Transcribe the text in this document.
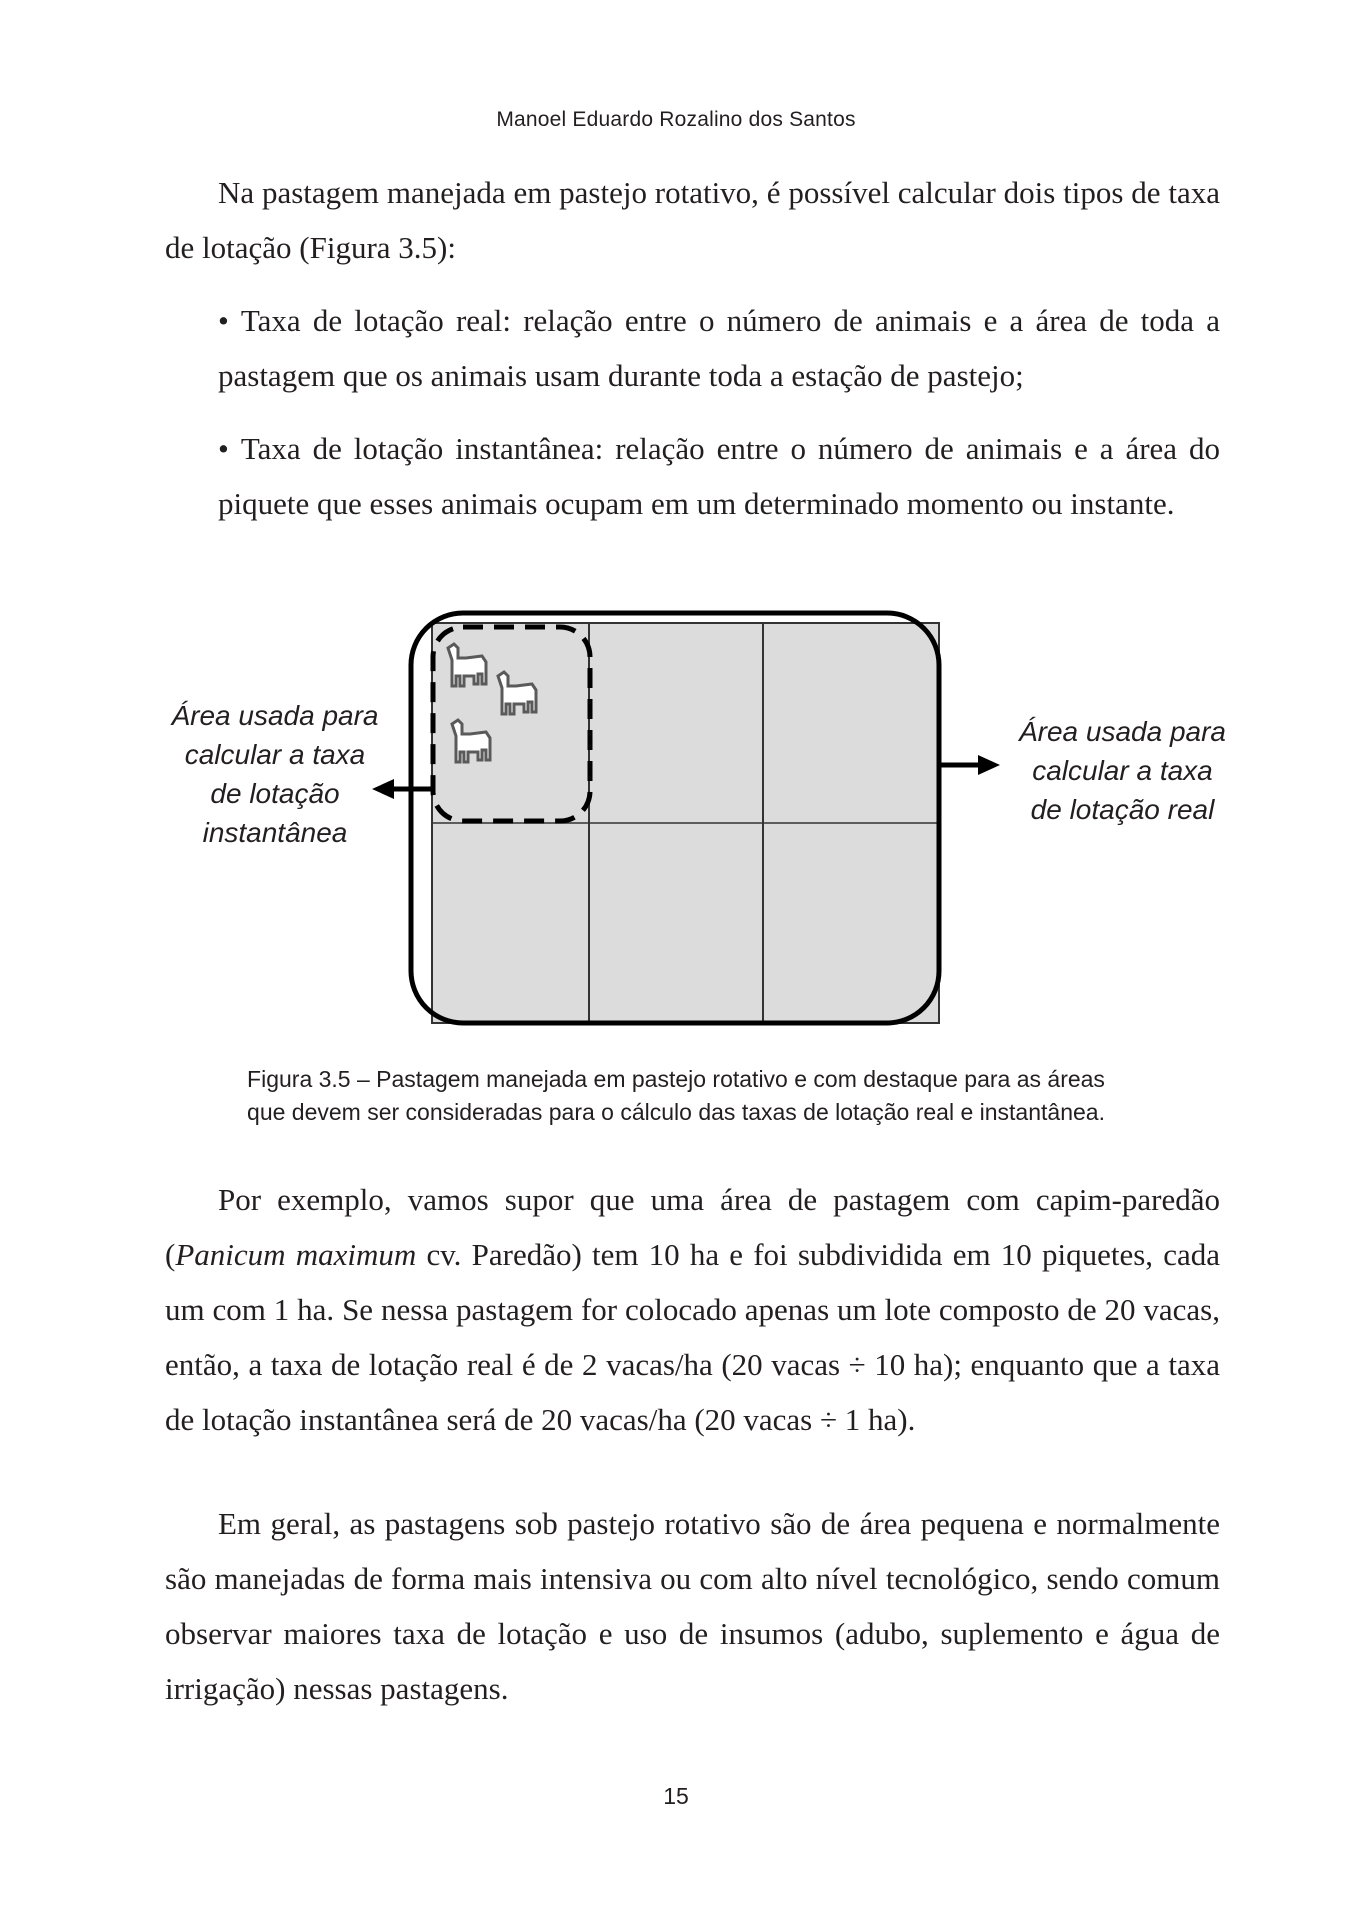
Manoel Eduardo Rozalino dos Santos

Na pastagem manejada em pastejo rotativo, é possível calcular dois tipos de taxa de lotação (Figura 3.5):

• Taxa de lotação real: relação entre o número de animais e a área de toda a pastagem que os animais usam durante toda a estação de pastejo;

• Taxa de lotação instantânea: relação entre o número de animais e a área do piquete que esses animais ocupam em um determinado momento ou instante.

Área usada para
calcular a taxa
de lotação
instantânea
Área usada para
calcular a taxa
de lotação real
Figura 3.5 – Pastagem manejada em pastejo rotativo e com destaque para as áreas
que devem ser consideradas para o cálculo das taxas de lotação real e instantânea.

Por exemplo, vamos supor que uma área de pastagem com capim-paredão (Panicum maximum cv. Paredão) tem 10 ha e foi subdividida em 10 piquetes, cada um com 1 ha. Se nessa pastagem for colocado apenas um lote composto de 20 vacas, então, a taxa de lotação real é de 2 vacas/ha (20 vacas ÷ 10 ha); enquanto que a taxa de lotação instantânea será de 20 vacas/ha (20 vacas ÷ 1 ha).

Em geral, as pastagens sob pastejo rotativo são de área pequena e normalmente são manejadas de forma mais intensiva ou com alto nível tecnológico, sendo comum observar maiores taxa de lotação e uso de insumos (adubo, suplemento e água de irrigação) nessas pastagens.

15
